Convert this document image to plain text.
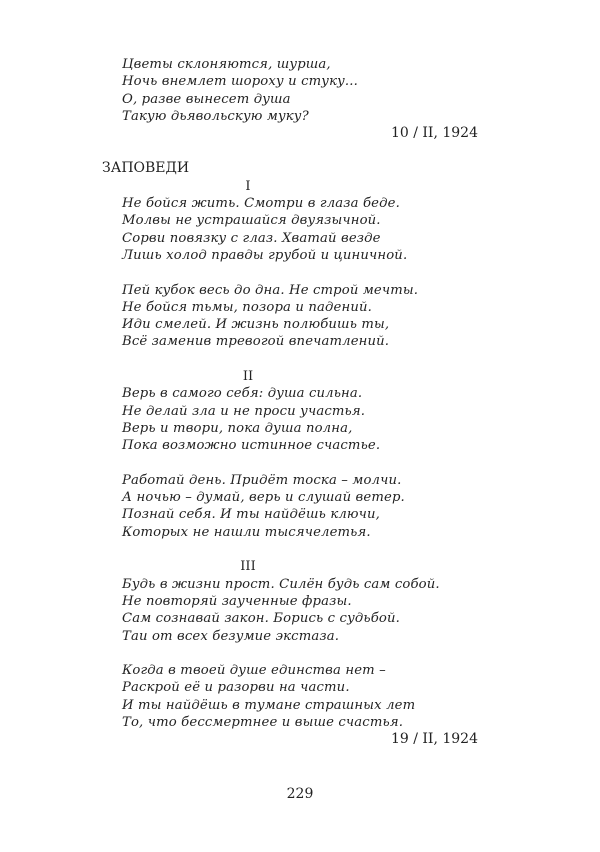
Цветы склоняются, шурша,
Ночь внемлет шороху и стуку...
О, разве вынесет душа
Такую дьявольскую муку?
10 / II, 1924
ЗАПОВЕДИ
I
Не бойся жить. Смотри в глаза беде.
Молвы не устрашайся двуязычной.
Сорви повязку с глаз. Хватай везде
Лишь холод правды грубой и циничной.
Пей кубок весь до дна. Не строй мечты.
Не бойся тьмы, позора и падений.
Иди смелей. И жизнь полюбишь ты,
Всё заменив тревогой впечатлений.
II
Верь в самого себя: душа сильна.
Не делай зла и не проси участья.
Верь и твори, пока душа полна,
Пока возможно истинное счастье.
Работай день. Придёт тоска – молчи.
А ночью – думай, верь и слушай ветер.
Познай себя. И ты найдёшь ключи,
Которых не нашли тысячелетья.
III
Будь в жизни прост. Силён будь сам собой.
Не повторяй заученные фразы.
Сам сознавай закон. Борись с судьбой.
Таи от всех безумие экстаза.
Когда в твоей душе единства нет –
Раскрой её и разорви на части.
И ты найдёшь в тумане страшных лет
То, что бессмертнее и выше счастья.
19 / II, 1924
229
